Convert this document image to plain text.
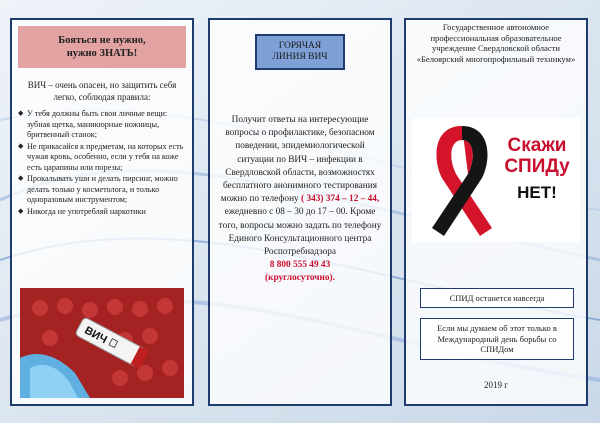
Бояться не нужно,
нужно ЗНАТЬ!

ВИЧ – очень опасен, но защитить себя легко, соблюдая правила:

◆ У тебя должны быть свои личные вещи: зубная щетка, маникюрные ножницы, бритвенный станок;
◆ Не прикасайся к предметам, на которых есть чужая кровь, особенно, если у тебя на коже есть царапины или порезы;
◆ Прокалывать уши и делать пирсинг, можно делать только у косметолога, и только одноразовым инструментом;
◆ Никогда не употребляй наркотики
ВИЧ
ГОРЯЧАЯ
ЛИНИЯ ВИЧ
Получит ответы на интересующие вопросы о профилактике, безопасном поведении, эпидемиологической ситуации по ВИЧ – инфекции в Свердловской области, возможностях бесплатного анонимного тестирования можно по телефону ( 343) 374 – 12 – 44, ежедневно с 08 – 30 до 17 – 00. Кроме того, вопросы можно задать по телефону Единого Консультационного центра Роспотребнадзора
8 800 555 49 43
(круглосуточно).
Государственное автономное профессиональная образовательное учреждение Свердловской области «Белоярский многопрофильный техникум»
Скажи
СПИДу
НЕТ!
СПИД останется навсегда
Если мы думаем об этот только в Международный день борьбы со СПИДом
2019 г
